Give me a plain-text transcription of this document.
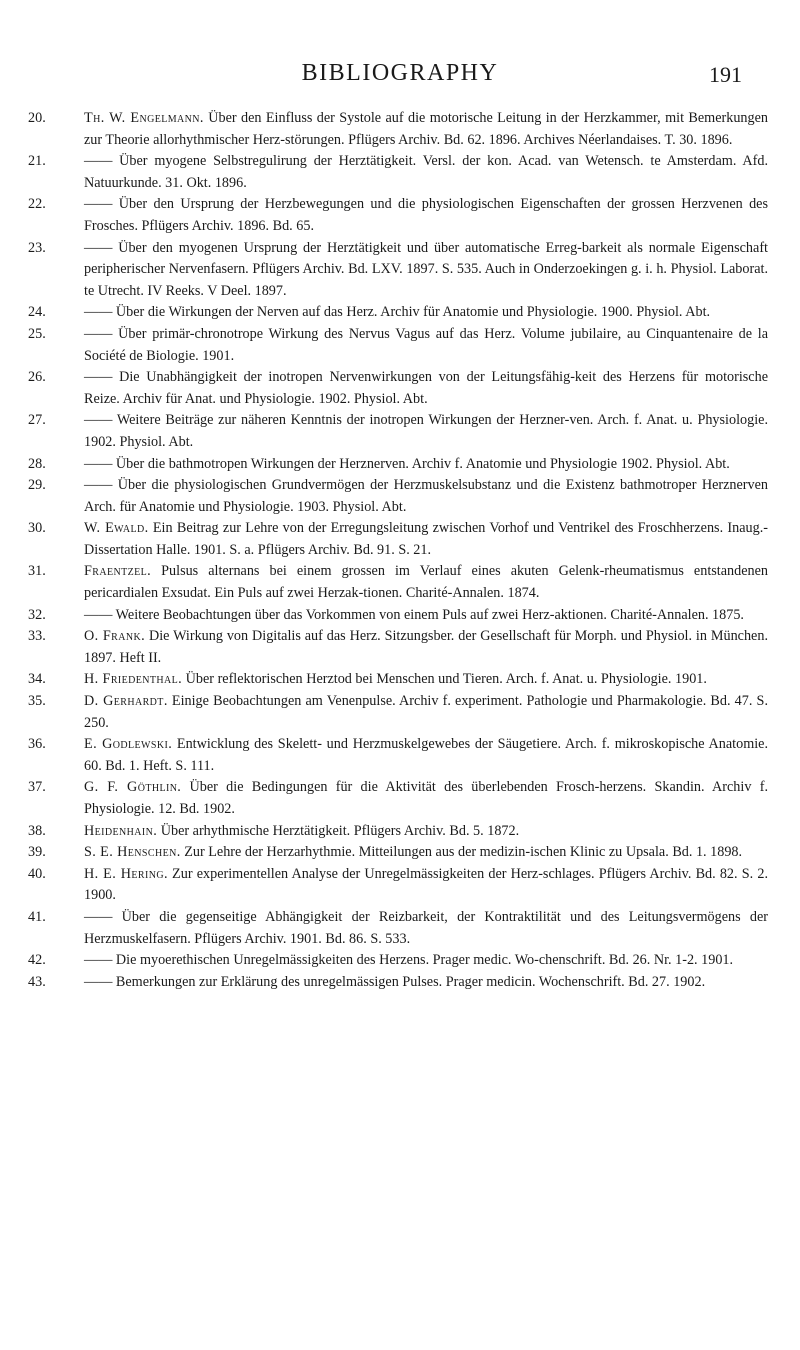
BIBLIOGRAPHY	191
20.	Th. W. Engelmann. Über den Einfluss der Systole auf die motorische Leitung in der Herzkammer, mit Bemerkungen zur Theorie allorhythmischer Herz-störungen. Pflügers Archiv. Bd. 62. 1896. Archives Néerlandaises. T. 30. 1896.
21.	—— Über myogene Selbstregulirung der Herztätigkeit. Versl. der kon. Acad. van Wetensch. te Amsterdam. Afd. Natuurkunde. 31. Okt. 1896.
22.	—— Über den Ursprung der Herzbewegungen und die physiologischen Eigenschaften der grossen Herzvenen des Frosches. Pflügers Archiv. 1896. Bd. 65.
23.	—— Über den myogenen Ursprung der Herztätigkeit und über automatische Erreg-barkeit als normale Eigenschaft peripherischer Nervenfasern. Pflügers Archiv. Bd. LXV. 1897. S. 535. Auch in Onderzoekingen g. i. h. Physiol. Laborat. te Utrecht. IV Reeks. V Deel. 1897.
24.	—— Über die Wirkungen der Nerven auf das Herz. Archiv für Anatomie und Physiologie. 1900. Physiol. Abt.
25.	—— Über primär-chronotrope Wirkung des Nervus Vagus auf das Herz. Volume jubilaire, au Cinquantenaire de la Société de Biologie. 1901.
26.	—— Die Unabhängigkeit der inotropen Nervenwirkungen von der Leitungsfähig-keit des Herzens für motorische Reize. Archiv für Anat. und Physiologie. 1902. Physiol. Abt.
27.	—— Weitere Beiträge zur näheren Kenntnis der inotropen Wirkungen der Herzner-ven. Arch. f. Anat. u. Physiologie. 1902. Physiol. Abt.
28.	—— Über die bathmotropen Wirkungen der Herznerven. Archiv f. Anatomie und Physiologie 1902. Physiol. Abt.
29.	—— Über die physiologischen Grundvermögen der Herzmuskelsubstanz und die Existenz bathmotroper Herznerven Arch. für Anatomie und Physiologie. 1903. Physiol. Abt.
30.	W. Ewald. Ein Beitrag zur Lehre von der Erregungsleitung zwischen Vorhof und Ventrikel des Froschherzens. Inaug.-Dissertation Halle. 1901. S. a. Pflügers Archiv. Bd. 91. S. 21.
31.	Fraentzel. Pulsus alternans bei einem grossen im Verlauf eines akuten Gelenk-rheumatismus entstandenen pericardialen Exsudat. Ein Puls auf zwei Herzak-tionen. Charité-Annalen. 1874.
32.	—— Weitere Beobachtungen über das Vorkommen von einem Puls auf zwei Herz-aktionen. Charité-Annalen. 1875.
33.	O. Frank. Die Wirkung von Digitalis auf das Herz. Sitzungsber. der Gesellschaft für Morph. und Physiol. in München. 1897. Heft II.
34.	H. Friedenthal. Über reflektorischen Herztod bei Menschen und Tieren. Arch. f. Anat. u. Physiologie. 1901.
35.	D. Gerhardt. Einige Beobachtungen am Venenpulse. Archiv f. experiment. Pathologie und Pharmakologie. Bd. 47. S. 250.
36.	E. Godlewski. Entwicklung des Skelett- und Herzmuskelgewebes der Säugetiere. Arch. f. mikroskopische Anatomie. 60. Bd. 1. Heft. S. 111.
37.	G. F. Göthlin. Über die Bedingungen für die Aktivität des überlebenden Frosch-herzens. Skandin. Archiv f. Physiologie. 12. Bd. 1902.
38.	Heidenhain. Über arhythmische Herztätigkeit. Pflügers Archiv. Bd. 5. 1872.
39.	S. E. Henschen. Zur Lehre der Herzarhythmie. Mitteilungen aus der medizin-ischen Klinic zu Upsala. Bd. 1. 1898.
40.	H. E. Hering. Zur experimentellen Analyse der Unregelmässigkeiten der Herz-schlages. Pflügers Archiv. Bd. 82. S. 2. 1900.
41.	—— Über die gegenseitige Abhängigkeit der Reizbarkeit, der Kontraktilität und des Leitungsvermögens der Herzmuskelfasern. Pflügers Archiv. 1901. Bd. 86. S. 533.
42.	—— Die myoerethischen Unregelmässigkeiten des Herzens. Prager medic. Wo-chenschrift. Bd. 26. Nr. 1-2. 1901.
43.	—— Bemerkungen zur Erklärung des unregelmässigen Pulses. Prager medicin. Wochenschrift. Bd. 27. 1902.
